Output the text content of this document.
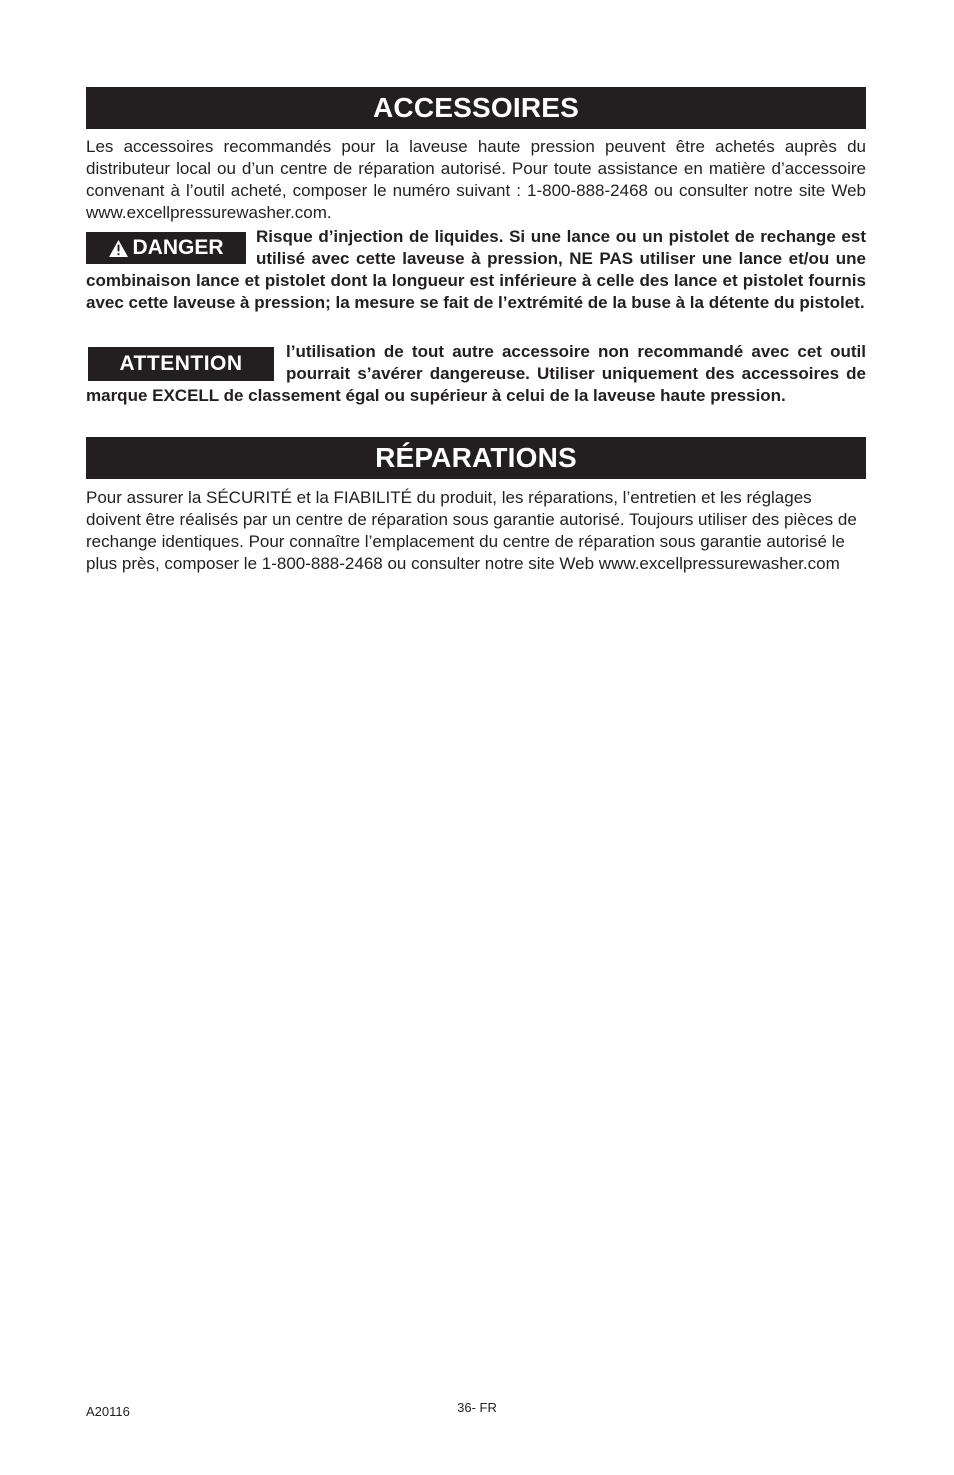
ACCESSOIRES

Les accessoires recommandés pour la laveuse haute pression peuvent être achetés auprès du distributeur local ou d’un centre de réparation autorisé. Pour toute assistance en matière d’accessoire convenant à l’outil acheté, composer le numéro suivant : 1-800-888-2468 ou consulter notre site Web www.excellpressurewasher.com.

DANGER Risque d’injection de liquides. Si une lance ou un pistolet de rechange est utilisé avec cette laveuse à pression, NE PAS utiliser une lance et/ou une combinaison lance et pistolet dont la longueur est inférieure à celle des lance et pistolet fournis avec cette laveuse à pression; la mesure se fait de l’extrémité de la buse à la détente du pistolet.
ATTENTION
l’utilisation de tout autre accessoire non recommandé avec cet outil pourrait s’avérer dangereuse. Utiliser uniquement des accessoires de marque EXCELL de classement égal ou supérieur à celui de la laveuse haute pression.
RÉPARATIONS

Pour assurer la SÉCURITÉ et la FIABILITÉ du produit, les réparations, l’entretien et les réglages doivent être réalisés par un centre de réparation sous garantie autorisé. Toujours utiliser des pièces de rechange identiques. Pour connaître l’emplacement du centre de réparation sous garantie autorisé le plus près, composer le 1-800-888-2468 ou consulter notre site Web www.excellpressurewasher.com

A20116	36- FR
